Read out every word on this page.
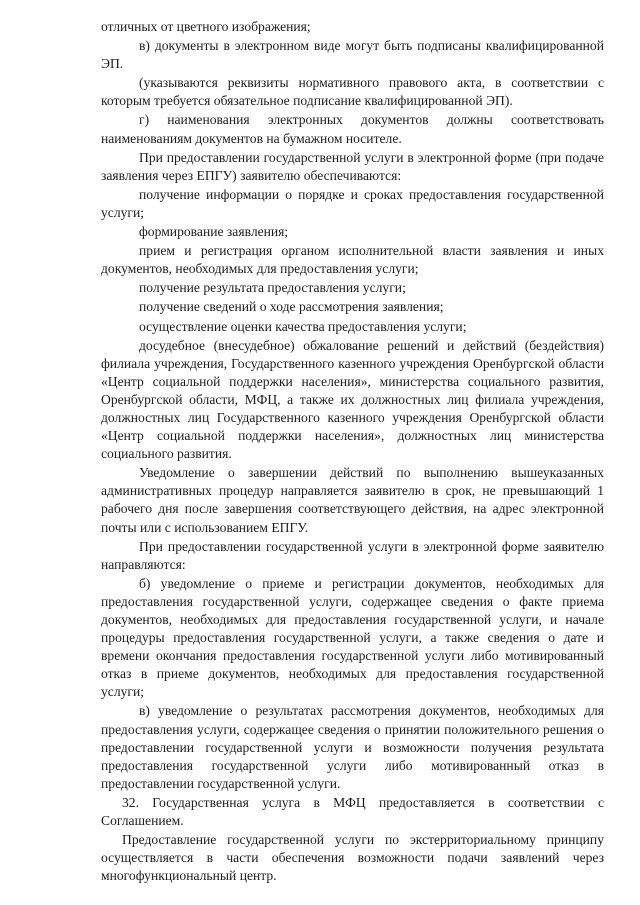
отличных от цветного изображения;

в) документы в электронном виде могут быть подписаны квалифицированной ЭП.

(указываются реквизиты нормативного правового акта, в соответствии с которым требуется обязательное подписание квалифицированной ЭП).

г) наименования электронных документов должны соответствовать наименованиям документов на бумажном носителе.

При предоставлении государственной услуги в электронной форме (при подаче заявления через ЕПГУ) заявителю обеспечиваются:

получение информации о порядке и сроках предоставления государственной услуги;

формирование заявления;

прием и регистрация органом исполнительной власти заявления и иных документов, необходимых для предоставления услуги;

получение результата предоставления услуги;

получение сведений о ходе рассмотрения заявления;

осуществление оценки качества предоставления услуги;

досудебное (внесудебное) обжалование решений и действий (бездействия) филиала учреждения, Государственного казенного учреждения Оренбургской области «Центр социальной поддержки населения», министерства социального развития, Оренбургской области, МФЦ, а также их должностных лиц филиала учреждения, должностных лиц Государственного казенного учреждения Оренбургской области «Центр социальной поддержки населения», должностных лиц министерства социального развития.

Уведомление о завершении действий по выполнению вышеуказанных административных процедур направляется заявителю в срок, не превышающий 1 рабочего дня после завершения соответствующего действия, на адрес электронной почты или с использованием ЕПГУ.

При предоставлении государственной услуги в электронной форме заявителю направляются:

б) уведомление о приеме и регистрации документов, необходимых для предоставления государственной услуги, содержащее сведения о факте приема документов, необходимых для предоставления государственной услуги, и начале процедуры предоставления государственной услуги, а также сведения о дате и времени окончания предоставления государственной услуги либо мотивированный отказ в приеме документов, необходимых для предоставления государственной услуги;

в) уведомление о результатах рассмотрения документов, необходимых для предоставления услуги, содержащее сведения о принятии положительного решения о предоставлении государственной услуги и возможности получения результата предоставления государственной услуги либо мотивированный отказ в предоставлении государственной услуги.

32. Государственная услуга в МФЦ предоставляется в соответствии с Соглашением.

Предоставление государственной услуги по экстерриториальному принципу осуществляется в части обеспечения возможности подачи заявлений через многофункциональный центр.
